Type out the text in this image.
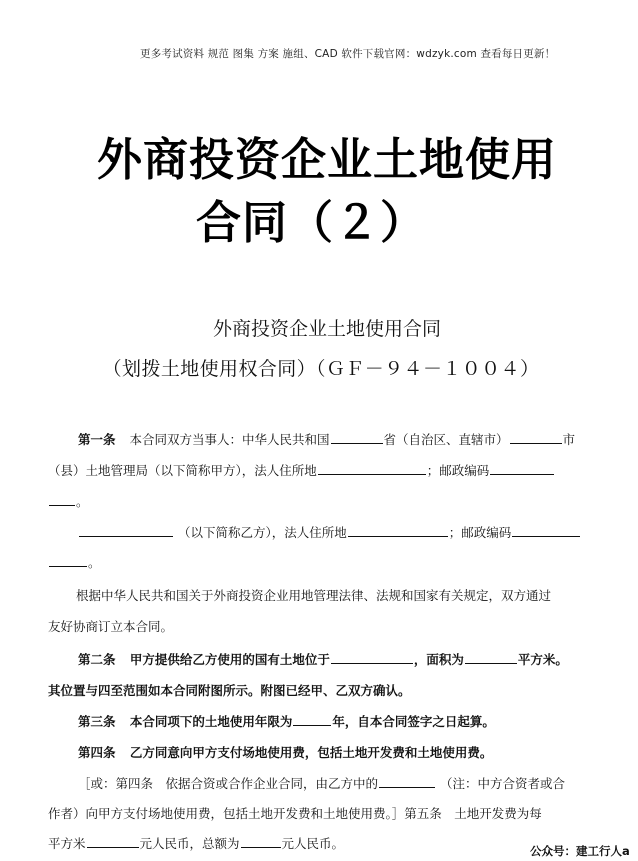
更多考试资料 规范 图集 方案 施组、CAD 软件下载官网：wdzyk.com 查看每日更新！
外商投资企业土地使用
合同（２）
外商投资企业土地使用合同
（划拨土地使用权合同）（ＧＦ－９４－１００４）
第一条 本合同双方当事人：中华人民共和国	省（自治区、直辖市）	市
（县）土地管理局（以下简称甲方），法人住所地	；邮政编码
。
（以下简称乙方），法人住所地	；邮政编码
。
根据中华人民共和国关于外商投资企业用地管理法律、法规和国家有关规定，双方通过
友好协商订立本合同。
第二条 甲方提供给乙方使用的国有土地位于	，面积为	平方米。
其位置与四至范围如本合同附图所示。附图已经甲、乙双方确认。
第三条 本合同项下的土地使用年限为	年，自本合同签字之日起算。
第四条 乙方同意向甲方支付场地使用费，包括土地开发费和土地使用费。
［或：第四条　依据合资或合作企业合同，由乙方中的	（注：中方合资者或合
作者）向甲方支付场地使用费，包括土地开发费和土地使用费。］第五条　土地开发费为每
平方米	元人民币，总额为	元人民币。	公众号：建工行人a
